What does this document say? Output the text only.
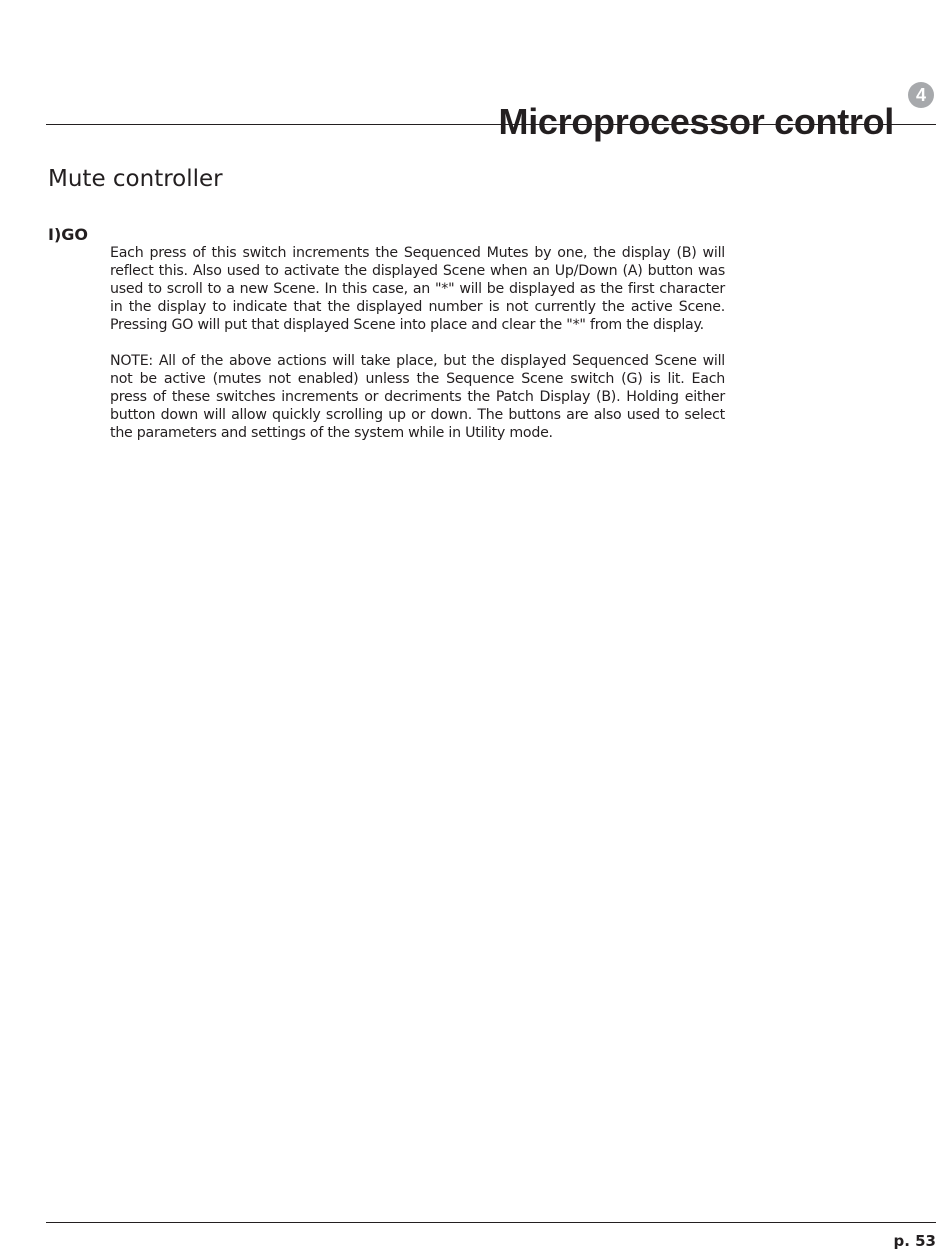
Microprocessor control
4
Mute controller
I)GO

Each press of this switch increments the Sequenced Mutes by one, the display (B) will reflect this. Also used to activate the displayed Scene when an Up/Down (A) button was used to scroll to a new Scene. In this case, an "*" will be displayed as the first character in the display to indicate that the displayed number is not currently the active Scene. Pressing GO will put that displayed Scene into place and clear the "*" from the display.

NOTE: All of the above actions will take place, but the displayed Sequenced Scene will not be active (mutes not enabled) unless the Sequence Scene switch (G) is lit. Each press of these switches increments or decriments the Patch Display (B). Holding either button down will allow quickly scrolling up or down. The buttons are also used to select the parameters and settings of the system while in Utility mode.

p. 53
